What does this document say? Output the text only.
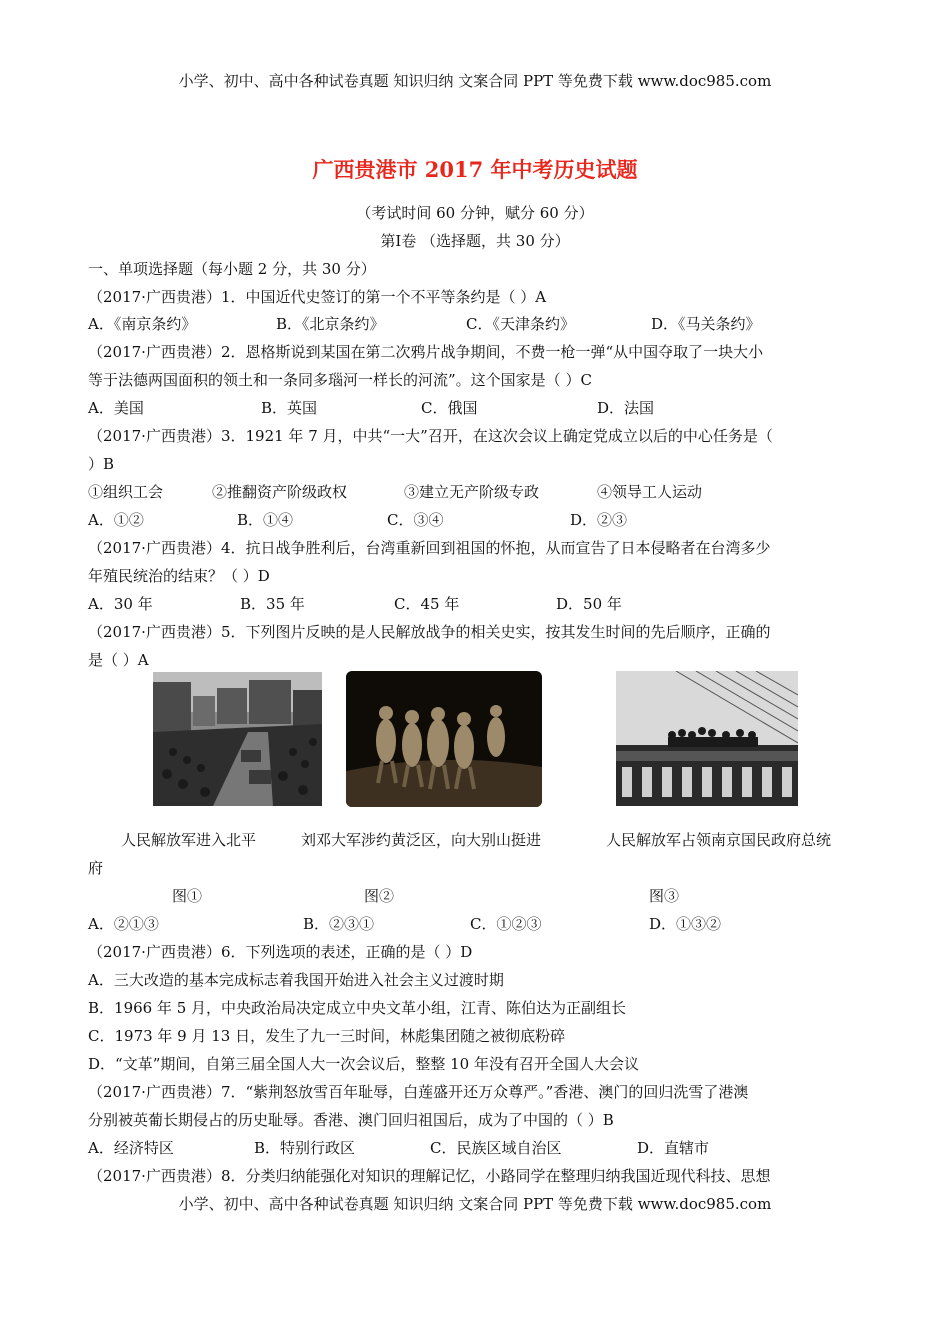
小学、初中、高中各种试卷真题 知识归纳 文案合同 PPT 等免费下载 www.doc985.com
广西贵港市 2017 年中考历史试题
（考试时间 60 分钟，赋分 60 分）
第Ⅰ卷 （选择题，共 30 分）
一、单项选择题（每小题 2 分，共 30 分）
（2017·广西贵港）1．中国近代史签订的第一个不平等条约是（ ）A
A．《南京条约》	B．《北京条约》	C．《天津条约》	D．《马关条约》
（2017·广西贵港）2．恩格斯说到某国在第二次鸦片战争期间，不费一枪一弹“从中国夺取了一块大小
等于法德两国面积的领土和一条同多瑙河一样长的河流”。这个国家是（ ）C
A．美国	B．英国	C．俄国	D．法国
（2017·广西贵港）3．1921 年 7 月，中共“一大”召开，在这次会议上确定党成立以后的中心任务是（
）B
①组织工会	②推翻资产阶级政权	③建立无产阶级专政	④领导工人运动
A．①②	B．①④	C．③④	D．②③
（2017·广西贵港）4．抗日战争胜利后，台湾重新回到祖国的怀抱，从而宣告了日本侵略者在台湾多少
年殖民统治的结束？（ ）D
A．30 年	B．35 年	C．45 年	D．50 年
（2017·广西贵港）5．下列图片反映的是人民解放战争的相关史实，按其发生时间的先后顺序，正确的
是（ ）A
人民解放军进入北平	刘邓大军涉约黄泛区，向大别山挺进	人民解放军占领南京国民政府总统
府
图①	图②	图③
A．②①③	B．②③①	C．①②③	D．①③②
（2017·广西贵港）6．下列选项的表述，正确的是（ ）D
A．三大改造的基本完成标志着我国开始进入社会主义过渡时期
B．1966 年 5 月，中央政治局决定成立中央文革小组，江青、陈伯达为正副组长
C．1973 年 9 月 13 日，发生了九一三时间，林彪集团随之被彻底粉碎
D．“文革”期间，自第三届全国人大一次会议后，整整 10 年没有召开全国人大会议
（2017·广西贵港）7．“紫荆怒放雪百年耻辱，白莲盛开还万众尊严。”香港、澳门的回归洗雪了港澳
分别被英葡长期侵占的历史耻辱。香港、澳门回归祖国后，成为了中国的（ ）B
A．经济特区	B．特别行政区	C．民族区域自治区	D．直辖市
（2017·广西贵港）8．分类归纳能强化对知识的理解记忆，小路同学在整理归纳我国近现代科技、思想
小学、初中、高中各种试卷真题 知识归纳 文案合同 PPT 等免费下载 www.doc985.com
